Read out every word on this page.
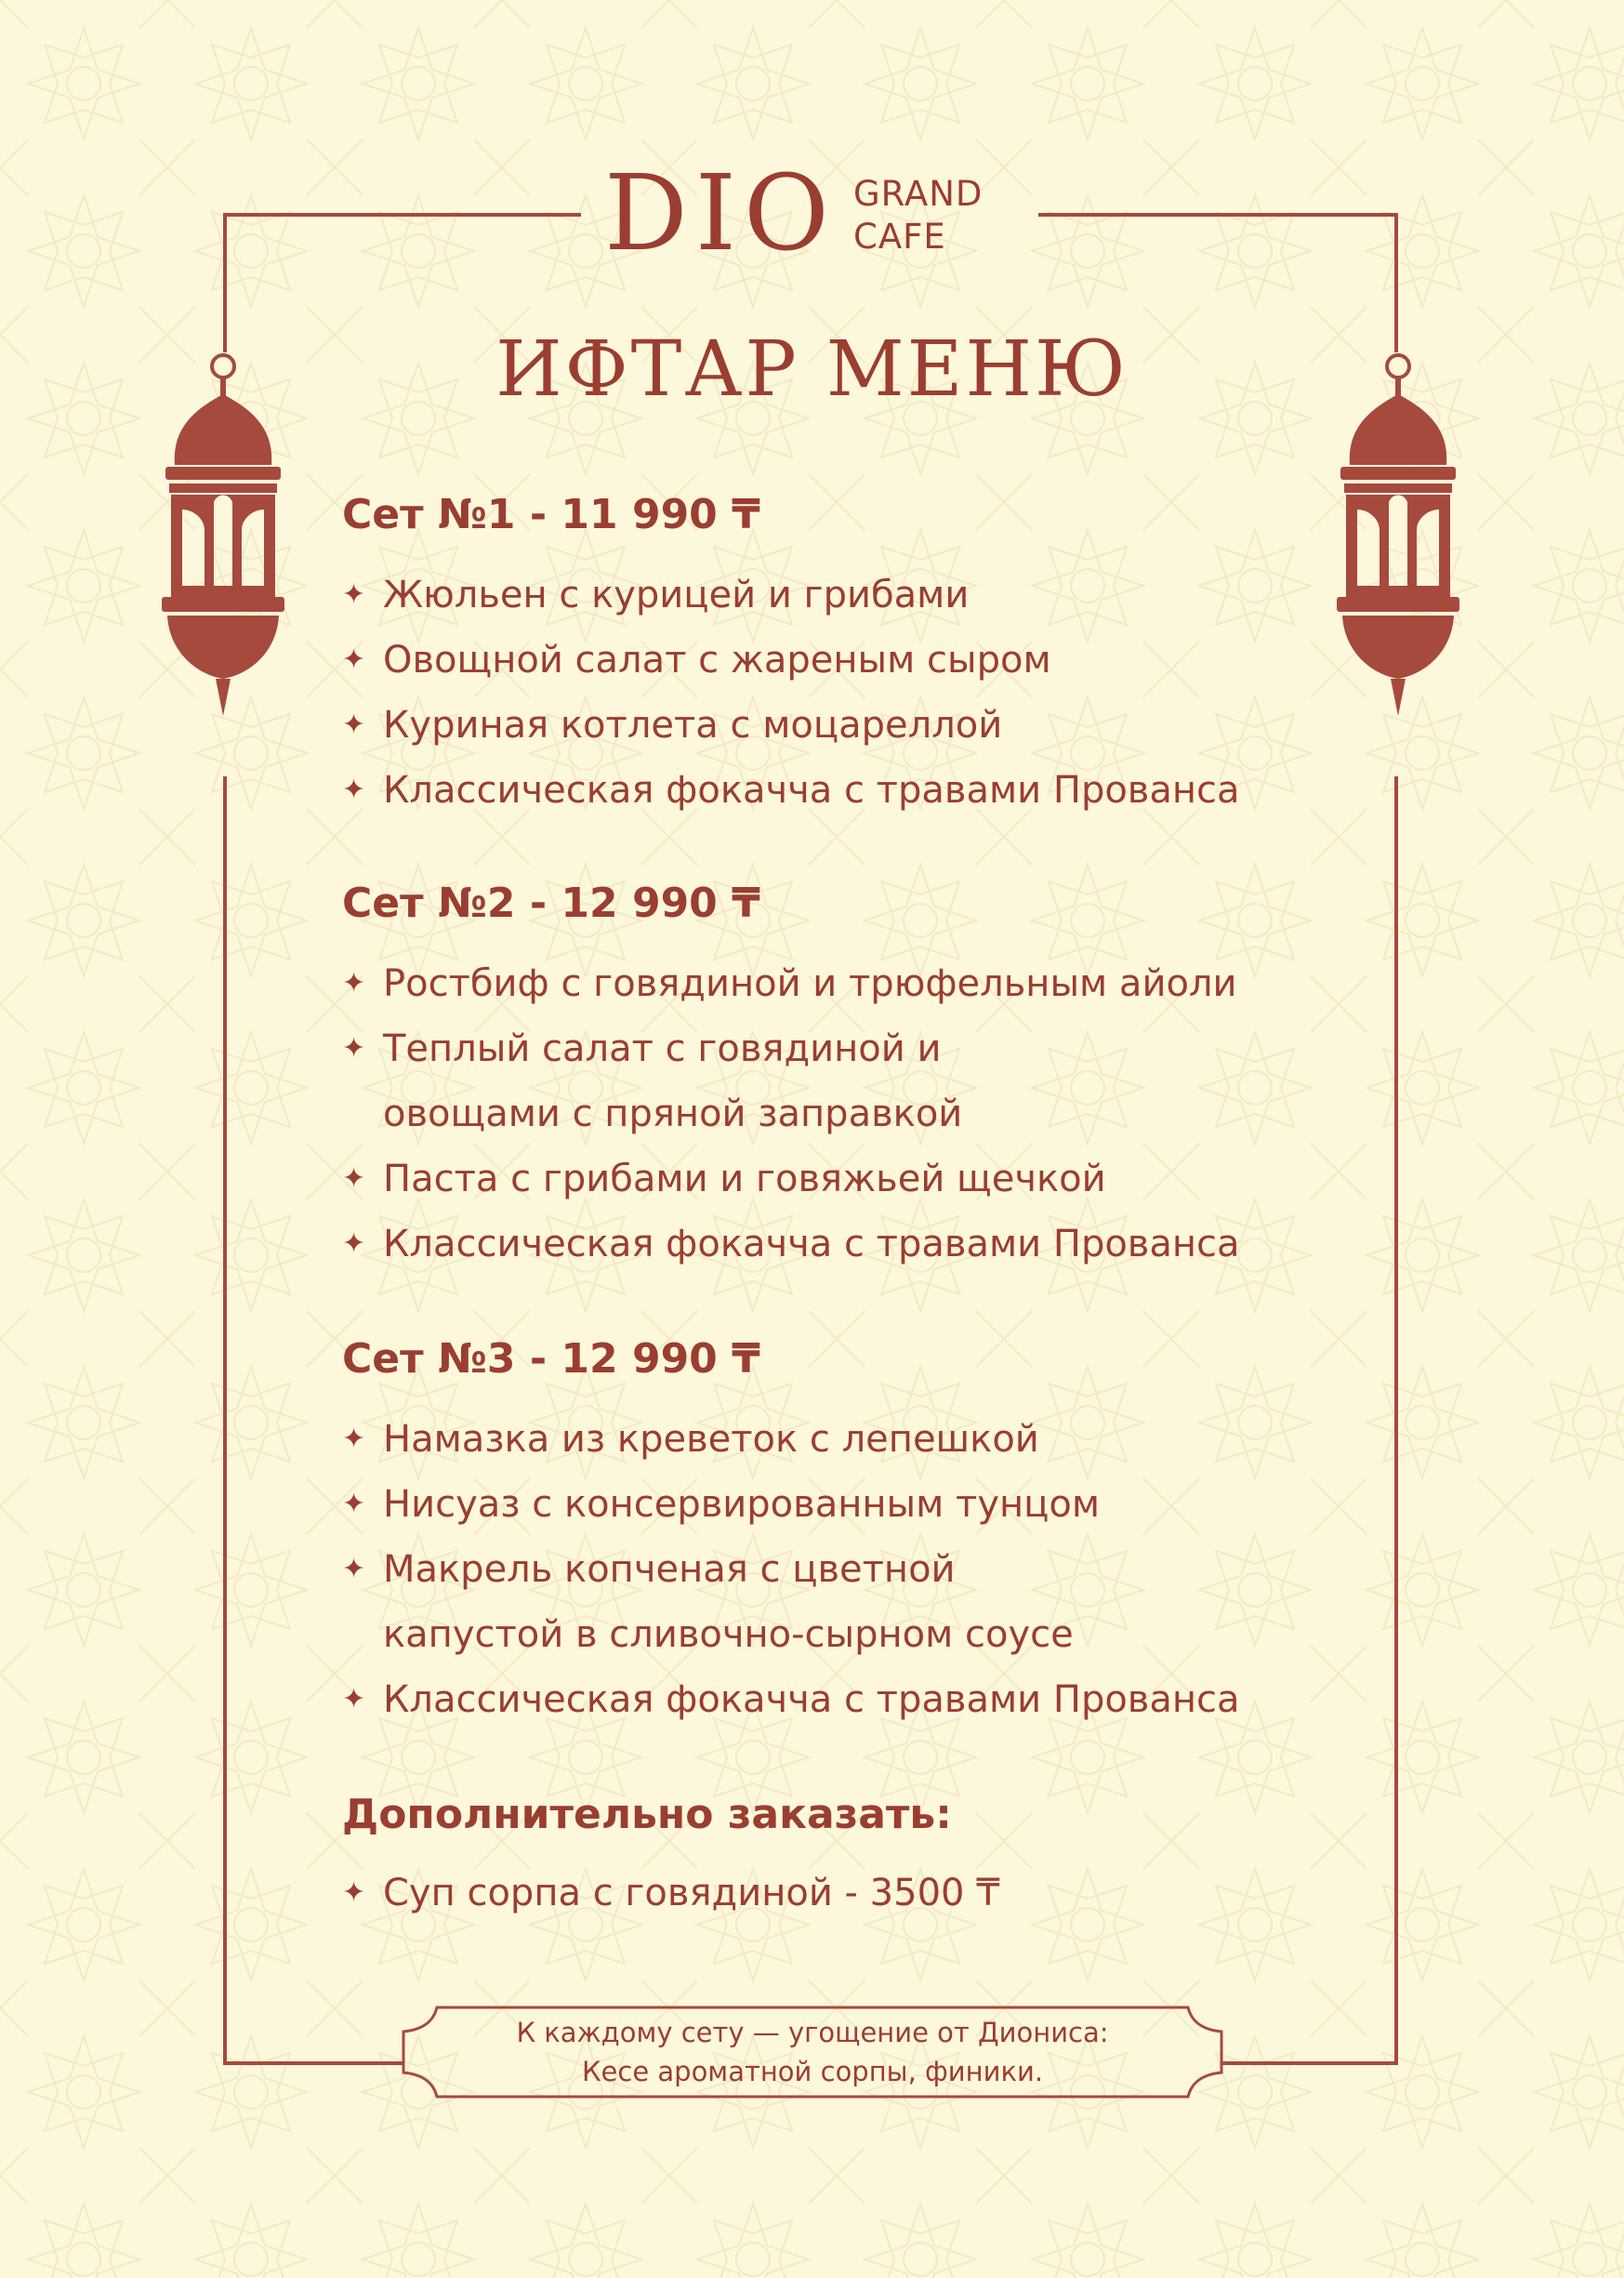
DIO GRAND
CAFE
ИФТАР МЕНЮ
Сет №1 - 11 990 ₸
✦ Жюльен с курицей и грибами
✦ Овощной салат с жареным сыром
✦ Куриная котлета с моцареллой
✦ Классическая фокачча с травами Прованса
Сет №2 - 12 990 ₸
✦ Ростбиф с говядиной и трюфельным айоли
✦ Теплый салат с говядиной и овощами с пряной заправкой
✦ Паста с грибами и говяжьей щечкой
✦ Классическая фокачча с травами Прованса
Сет №3 - 12 990 ₸
✦ Намазка из креветок с лепешкой
✦ Нисуаз с консервированным тунцом
✦ Макрель копченая с цветной капустой в сливочно-сырном соусе
✦ Классическая фокачча с травами Прованса
Дополнительно заказать:
✦ Суп сорпа с говядиной - 3500 ₸
К каждому сету — угощение от Диониса:
Кесе ароматной сорпы, финики.
